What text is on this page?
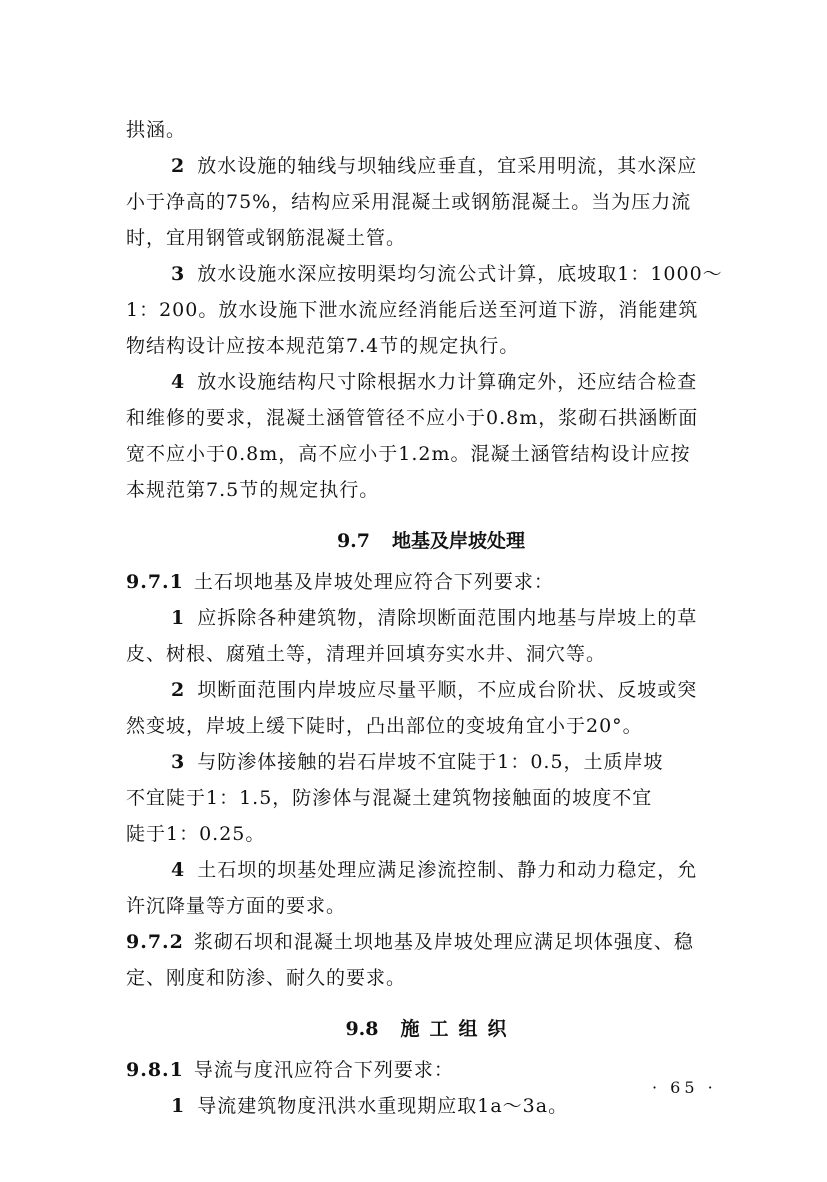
拱涵。
2 放水设施的轴线与坝轴线应垂直，宜采用明流，其水深应
小于净高的75%，结构应采用混凝土或钢筋混凝土。当为压力流
时，宜用钢管或钢筋混凝土管。
3 放水设施水深应按明渠均匀流公式计算，底坡取1：1000～
1：200。放水设施下泄水流应经消能后送至河道下游，消能建筑
物结构设计应按本规范第7.4节的规定执行。
4 放水设施结构尺寸除根据水力计算确定外，还应结合检查
和维修的要求，混凝土涵管管径不应小于0.8m，浆砌石拱涵断面
宽不应小于0.8m，高不应小于1.2m。混凝土涵管结构设计应按
本规范第7.5节的规定执行。
9.7 地基及岸坡处理
9.7.1 土石坝地基及岸坡处理应符合下列要求：
1 应拆除各种建筑物，清除坝断面范围内地基与岸坡上的草
皮、树根、腐殖土等，清理并回填夯实水井、洞穴等。
2 坝断面范围内岸坡应尽量平顺，不应成台阶状、反坡或突
然变坡，岸坡上缓下陡时，凸出部位的变坡角宜小于20°。
3 与防渗体接触的岩石岸坡不宜陡于1：0.5，土质岸坡
不宜陡于1：1.5，防渗体与混凝土建筑物接触面的坡度不宜
陡于1：0.25。
4 土石坝的坝基处理应满足渗流控制、静力和动力稳定，允
许沉降量等方面的要求。
9.7.2 浆砌石坝和混凝土坝地基及岸坡处理应满足坝体强度、稳
定、刚度和防渗、耐久的要求。
9.8 施工组织
9.8.1 导流与度汛应符合下列要求：
1 导流建筑物度汛洪水重现期应取1a～3a。
· 65 ·
